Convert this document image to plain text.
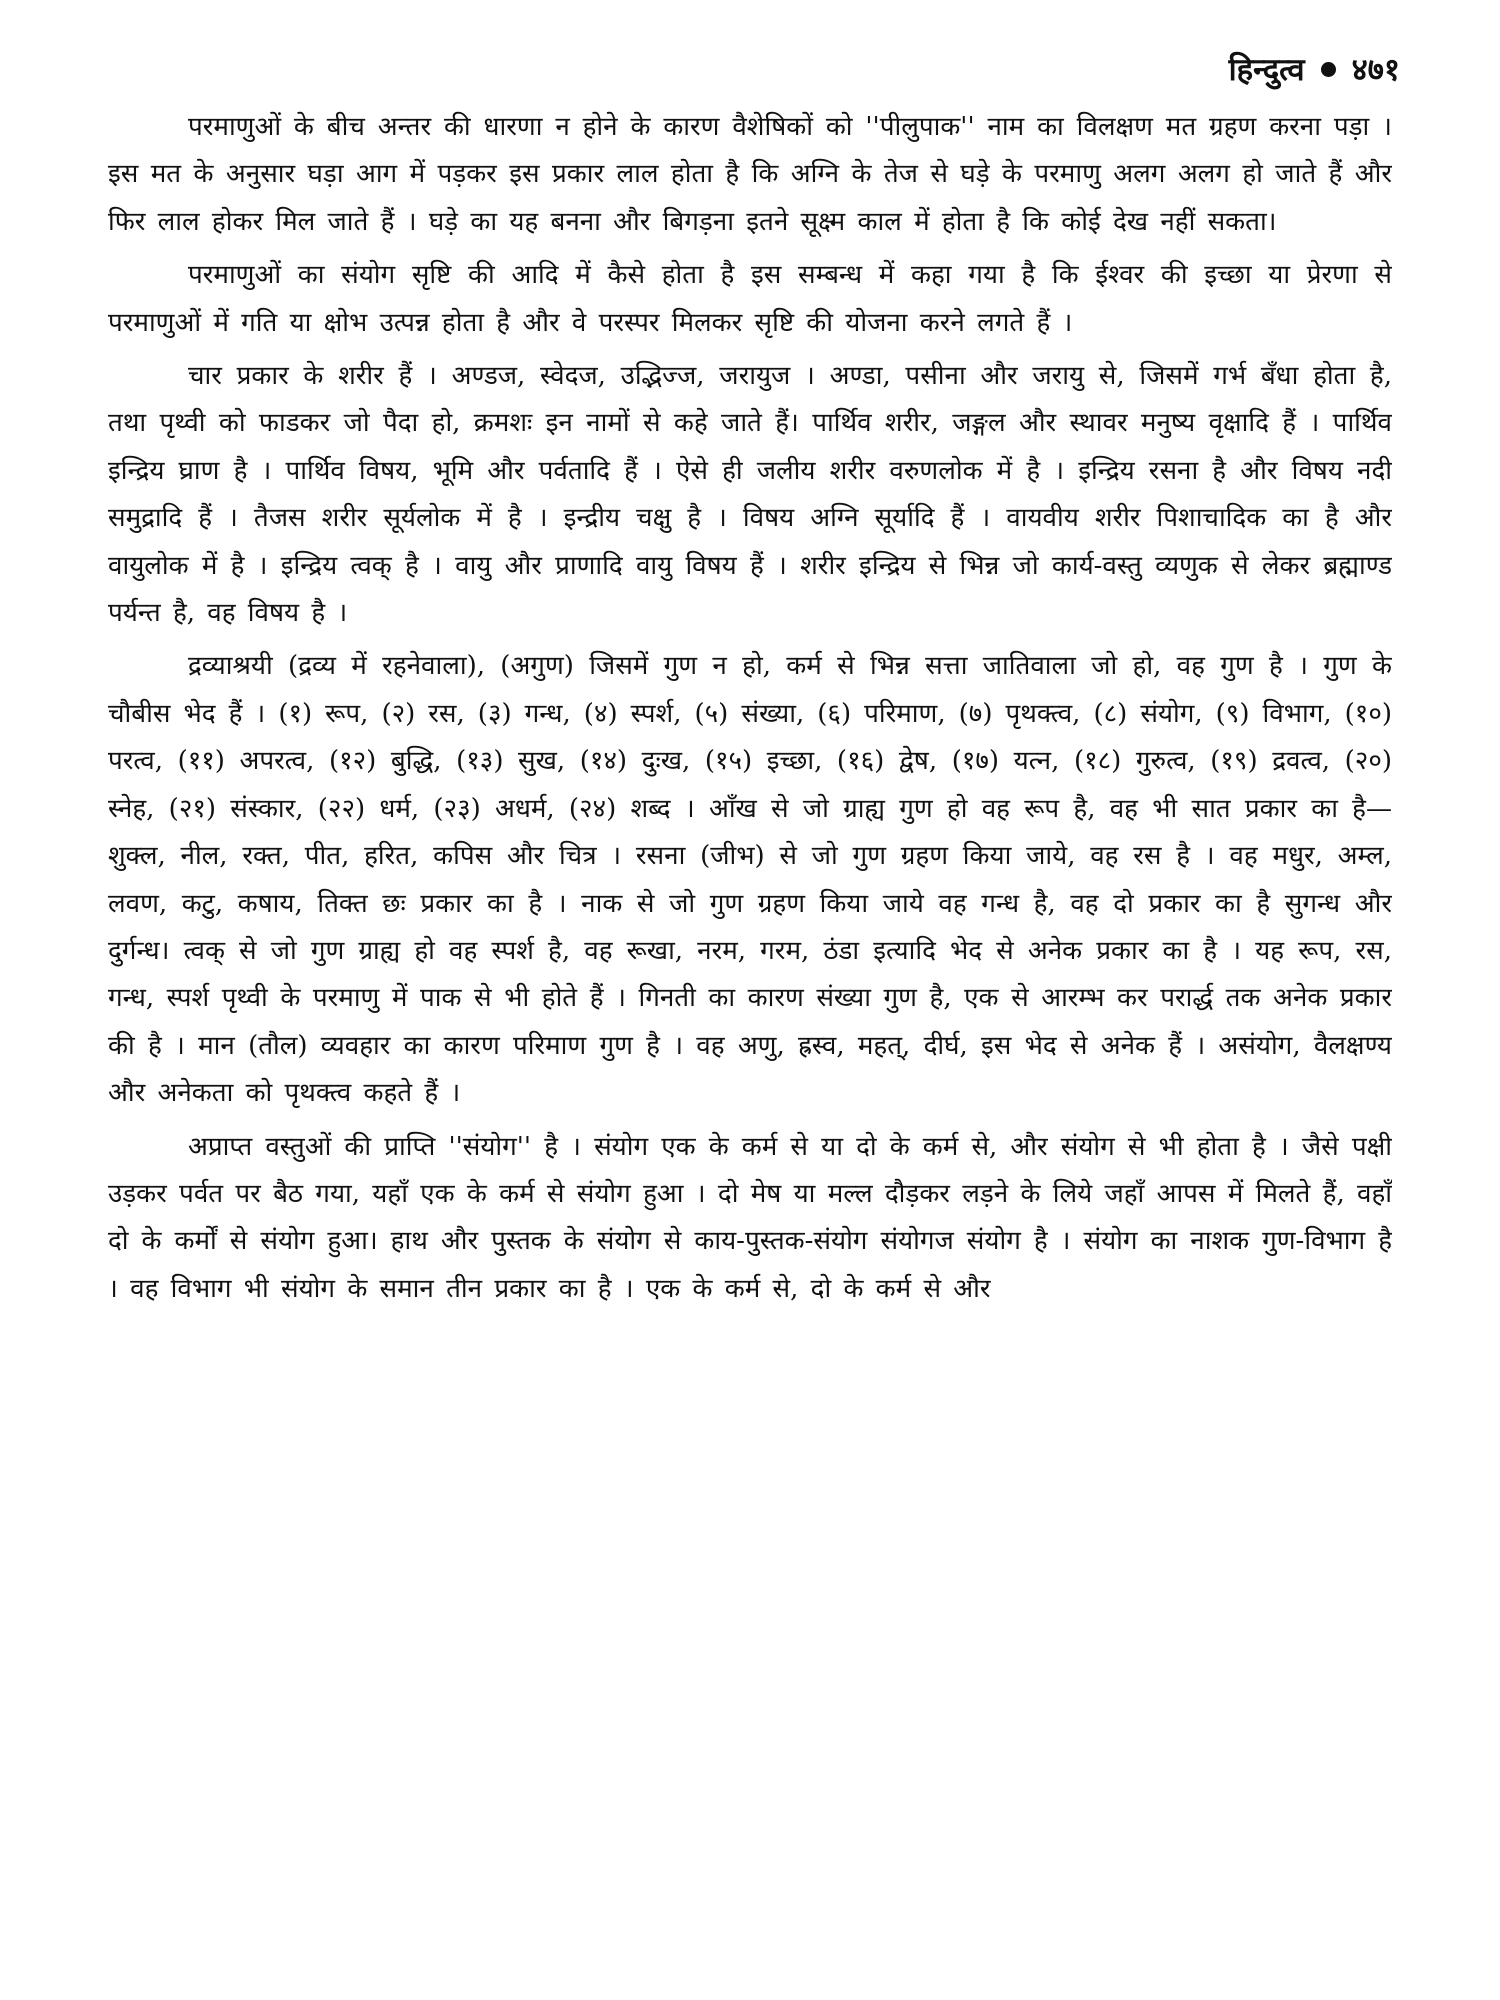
हिन्दुत्व ४७१

परमाणुओं के बीच अन्तर की धारणा न होने के कारण वैशेषिकों को ''पीलुपाक'' नाम का विलक्षण मत ग्रहण करना पड़ा । इस मत के अनुसार घड़ा आग में पड़कर इस प्रकार लाल होता है कि अग्नि के तेज से घड़े के परमाणु अलग अलग हो जाते हैं और फिर लाल होकर मिल जाते हैं । घड़े का यह बनना और बिगड़ना इतने सूक्ष्म काल में होता है कि कोई देख नहीं सकता।

परमाणुओं का संयोग सृष्टि की आदि में कैसे होता है इस सम्बन्ध में कहा गया है कि ईश्वर की इच्छा या प्रेरणा से परमाणुओं में गति या क्षोभ उत्पन्न होता है और वे परस्पर मिलकर सृष्टि की योजना करने लगते हैं ।

चार प्रकार के शरीर हैं । अण्डज, स्वेदज, उद्भिज्ज, जरायुज । अण्डा, पसीना और जरायु से, जिसमें गर्भ बँधा होता है, तथा पृथ्वी को फाडकर जो पैदा हो, क्रमशः इन नामों से कहे जाते हैं। पार्थिव शरीर, जङ्गल और स्थावर मनुष्य वृक्षादि हैं । पार्थिव इन्द्रिय घ्राण है । पार्थिव विषय, भूमि और पर्वतादि हैं । ऐसे ही जलीय शरीर वरुणलोक में है । इन्द्रिय रसना है और विषय नदी समुद्रादि हैं । तैजस शरीर सूर्यलोक में है । इन्द्रीय चक्षु है । विषय अग्नि सूर्यादि हैं । वायवीय शरीर पिशाचादिक का है और वायुलोक में है । इन्द्रिय त्वक् है । वायु और प्राणादि वायु विषय हैं । शरीर इन्द्रिय से भिन्न जो कार्य-वस्तु व्यणुक से लेकर ब्रह्माण्ड पर्यन्त है, वह विषय है ।

द्रव्याश्रयी (द्रव्य में रहनेवाला), (अगुण) जिसमें गुण न हो, कर्म से भिन्न सत्ता जातिवाला जो हो, वह गुण है । गुण के चौबीस भेद हैं । (१) रूप, (२) रस, (३) गन्ध, (४) स्पर्श, (५) संख्या, (६) परिमाण, (७) पृथक्त्व, (८) संयोग, (९) विभाग, (१०) परत्व, (११) अपरत्व, (१२) बुद्धि, (१३) सुख, (१४) दुःख, (१५) इच्छा, (१६) द्वेष, (१७) यत्न, (१८) गुरुत्व, (१९) द्रवत्व, (२०) स्नेह, (२१) संस्कार, (२२) धर्म, (२३) अधर्म, (२४) शब्द । आँख से जो ग्राह्य गुण हो वह रूप है, वह भी सात प्रकार का है—शुक्ल, नील, रक्त, पीत, हरित, कपिस और चित्र । रसना (जीभ) से जो गुण ग्रहण किया जाये, वह रस है । वह मधुर, अम्ल, लवण, कटु, कषाय, तिक्त छः प्रकार का है । नाक से जो गुण ग्रहण किया जाये वह गन्ध है, वह दो प्रकार का है सुगन्ध और दुर्गन्ध। त्वक् से जो गुण ग्राह्य हो वह स्पर्श है, वह रूखा, नरम, गरम, ठंडा इत्यादि भेद से अनेक प्रकार का है । यह रूप, रस, गन्ध, स्पर्श पृथ्वी के परमाणु में पाक से भी होते हैं । गिनती का कारण संख्या गुण है, एक से आरम्भ कर परार्द्ध तक अनेक प्रकार की है । मान (तौल) व्यवहार का कारण परिमाण गुण है । वह अणु, ह्रस्व, महत्, दीर्घ, इस भेद से अनेक हैं । असंयोग, वैलक्षण्य और अनेकता को पृथक्त्व कहते हैं ।

अप्राप्त वस्तुओं की प्राप्ति ''संयोग'' है । संयोग एक के कर्म से या दो के कर्म से, और संयोग से भी होता है । जैसे पक्षी उड़कर पर्वत पर बैठ गया, यहाँ एक के कर्म से संयोग हुआ । दो मेष या मल्ल दौड़कर लड़ने के लिये जहाँ आपस में मिलते हैं, वहाँ दो के कर्मों से संयोग हुआ। हाथ और पुस्तक के संयोग से काय-पुस्तक-संयोग संयोगज संयोग है । संयोग का नाशक गुण-विभाग है । वह विभाग भी संयोग के समान तीन प्रकार का है । एक के कर्म से, दो के कर्म से और
